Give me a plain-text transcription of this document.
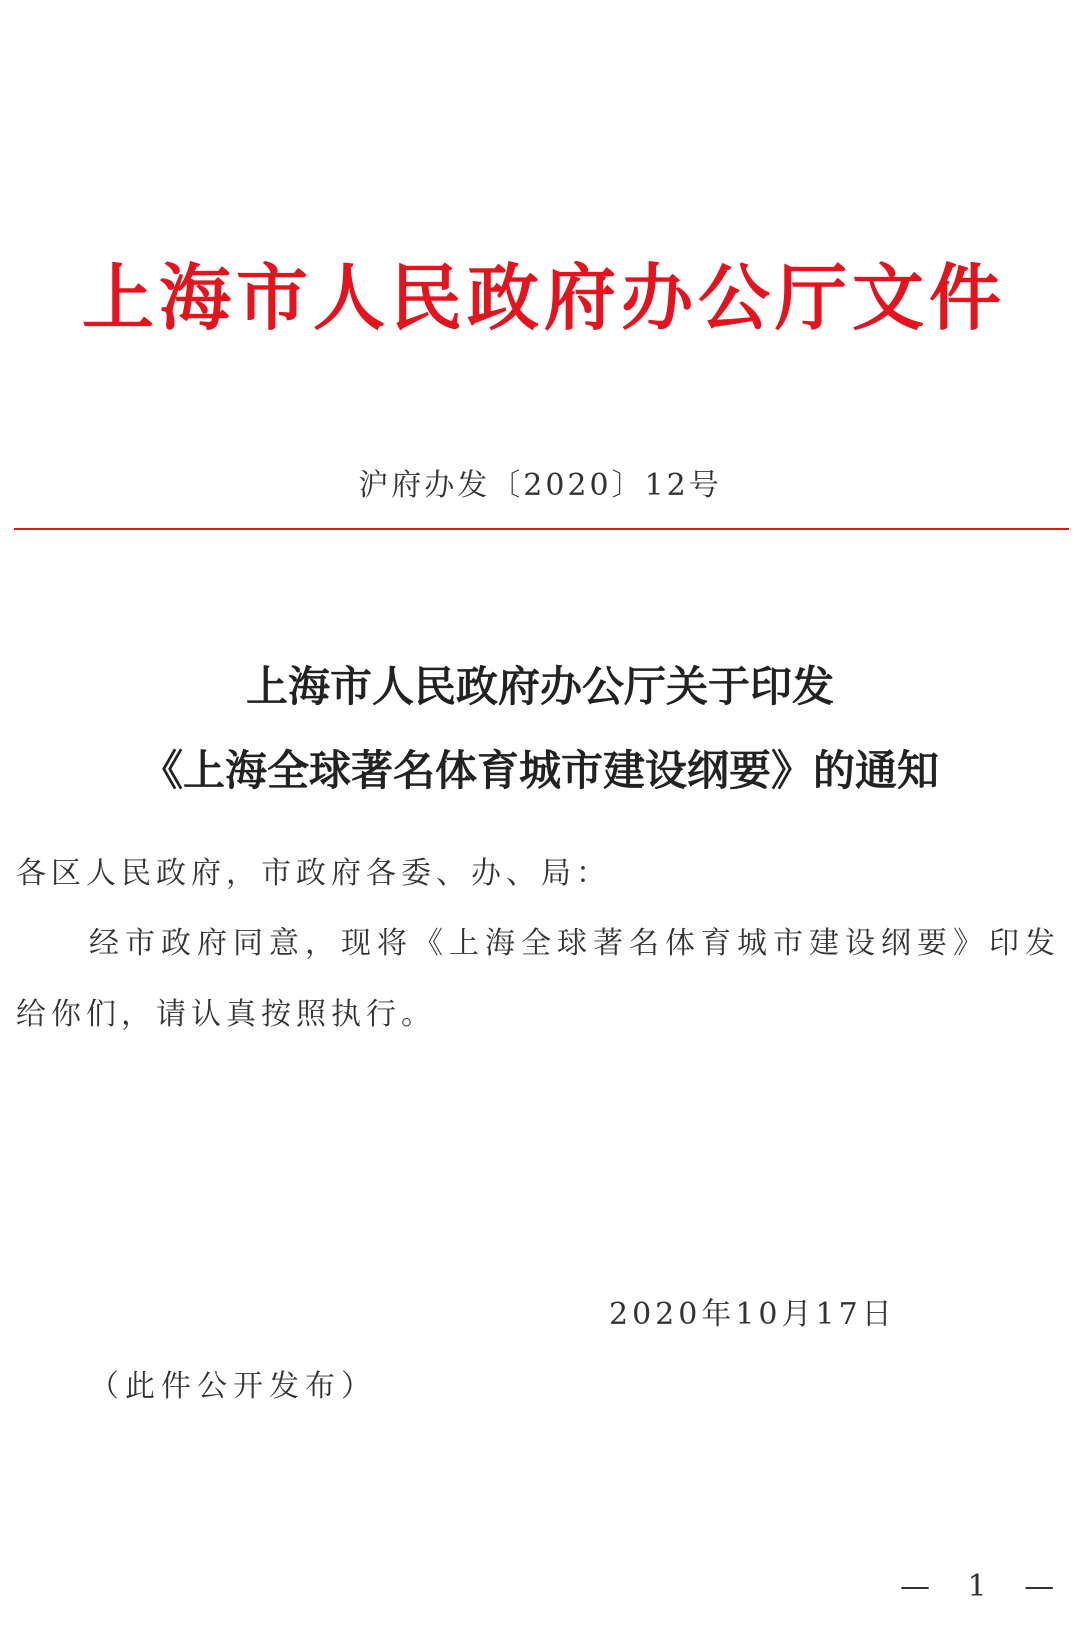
上海市人民政府办公厅文件
沪府办发〔2020〕12号
上海市人民政府办公厅关于印发
《上海全球著名体育城市建设纲要》的通知
各区人民政府，市政府各委、办、局：
经市政府同意，现将《上海全球著名体育城市建设纲要》印发
给你们，请认真按照执行。
2020年10月17日
（此件公开发布）
— 1 —
